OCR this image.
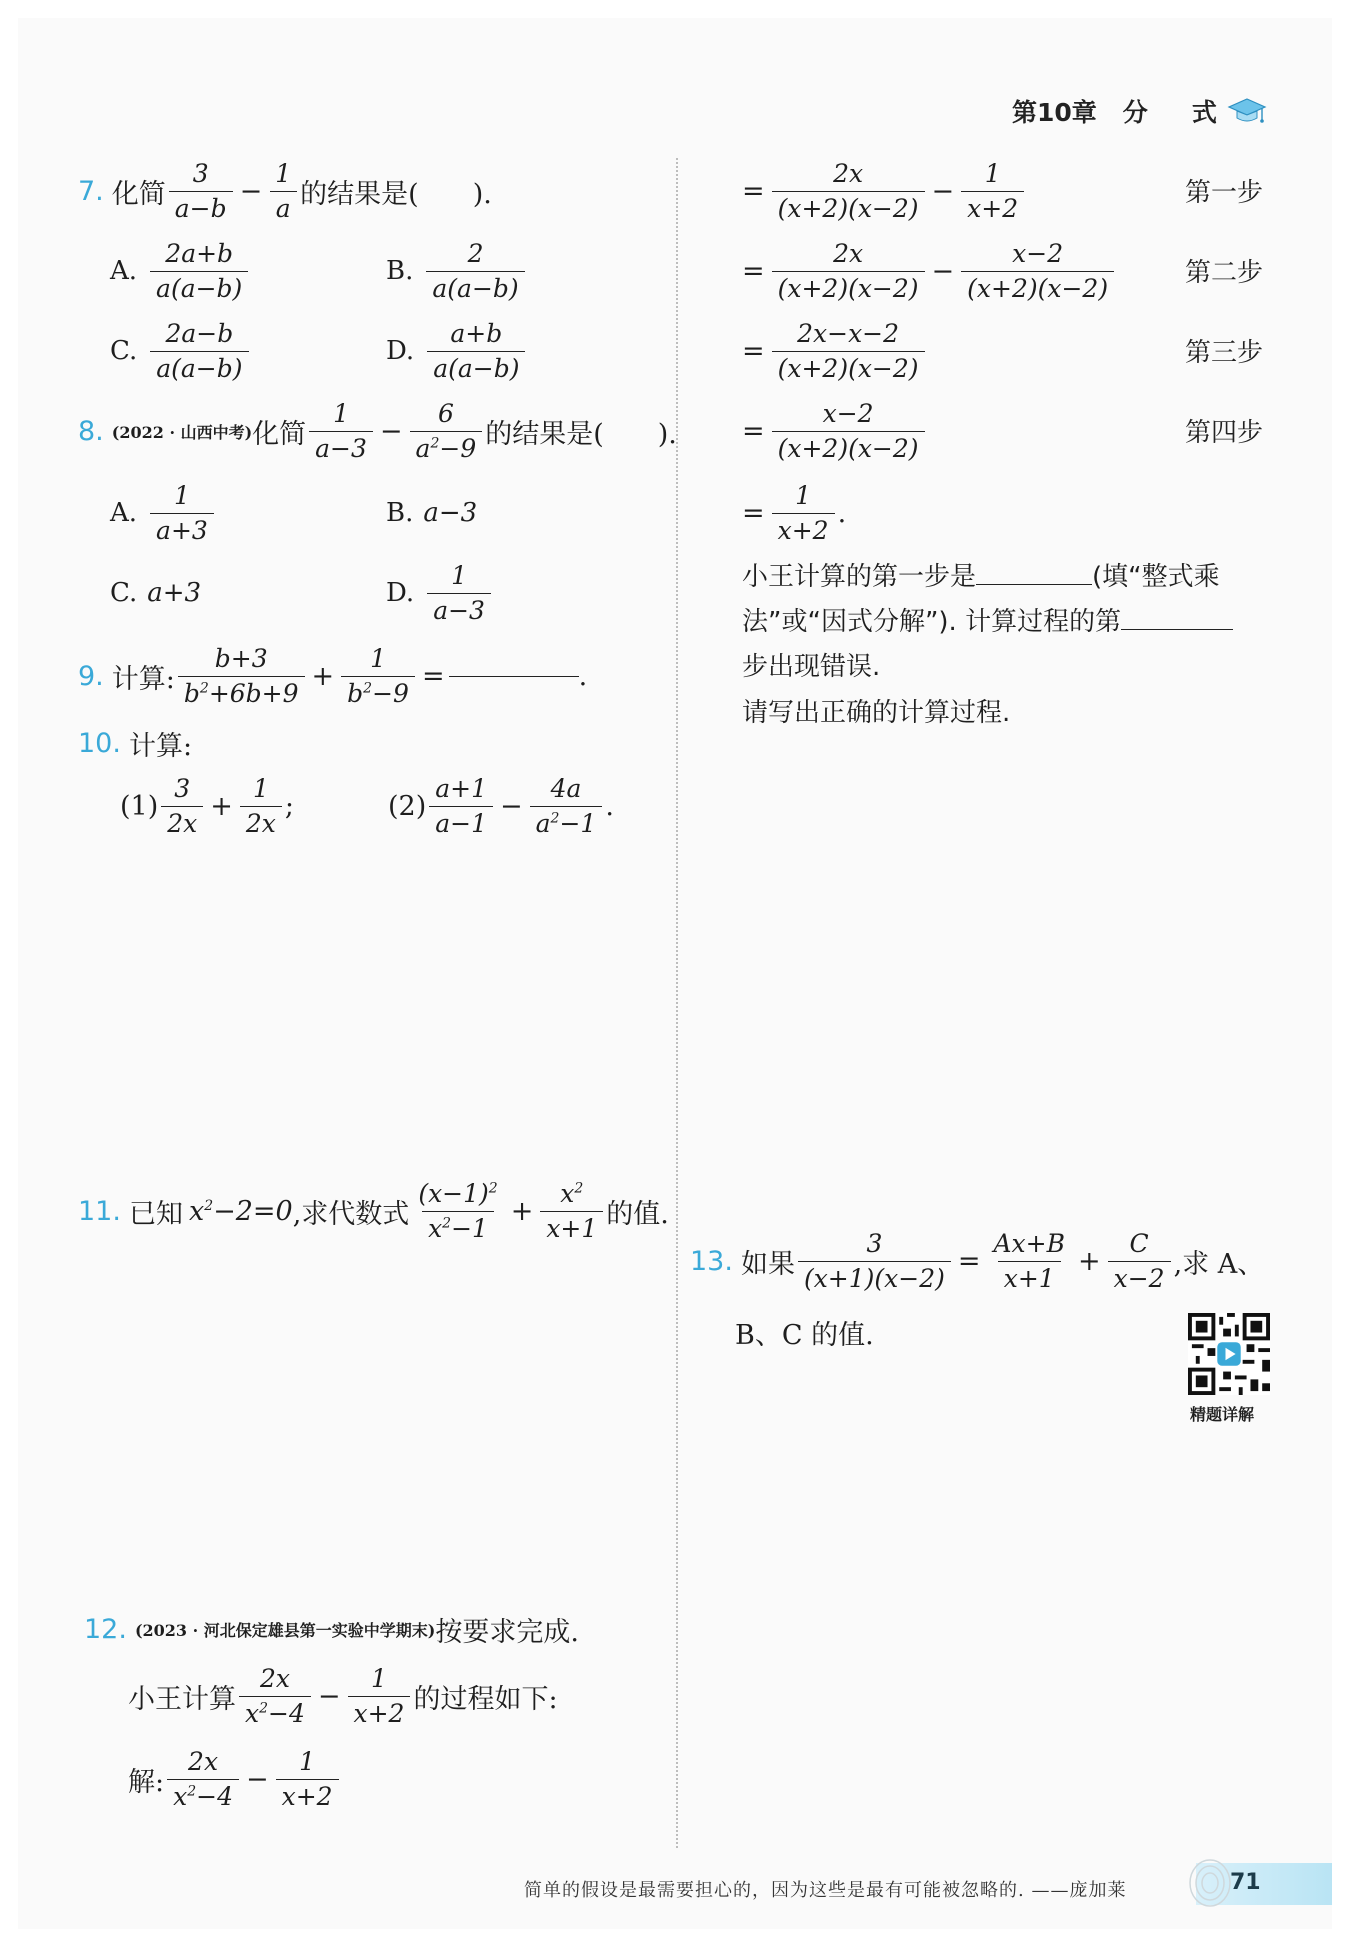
第10章 分 式
7. 化简 $\frac{3}{a-b} - \frac{1}{a}$ 的结果是(　　).
A. $\frac{2a+b}{a(a-b)}$	B. $\frac{2}{a(a-b)}$
C. $\frac{2a-b}{a(a-b)}$	D. $\frac{a+b}{a(a-b)}$
8. (2022 · 山西中考) 化简 $\frac{1}{a-3} - \frac{6}{a^2-9}$ 的结果是(　　).
A. $\frac{1}{a+3}$	B. a−3
C. a+3	D. $\frac{1}{a-3}$
9. 计算: $\frac{b+3}{b^2+6b+9} + \frac{1}{b^2-9}$ =	.
10. 计算:
$(1) \frac{3}{2x} + \frac{1}{2x}$ ;	$(2) \frac{a+1}{a-1} - \frac{4a}{a^2-1}$ .
11. 已知 $x^2-2=0$ ,求代数式 $\frac{(x-1)^2}{x^2-1} + \frac{x^2}{x+1}$ 的值.
12. (2023 · 河北保定雄县第一实验中学期末) 按要求完成.
小王计算 $\frac{2x}{x^2-4} - \frac{1}{x+2}$ 的过程如下:
解: $\frac{2x}{x^2-4} - \frac{1}{x+2}$
= $\frac{2x}{(x+2)(x-2)} - \frac{1}{x+2}$	第一步
= $\frac{2x}{(x+2)(x-2)} - \frac{x-2}{(x+2)(x-2)}$	第二步
= $\frac{2x-x-2}{(x+2)(x-2)}$	第三步
= $\frac{x-2}{(x+2)(x-2)}$	第四步
= $\frac{1}{x+2}$ .
小王计算的第一步是	(填“整式乘
法”或“因式分解”). 计算过程的第
步出现错误.
请写出正确的计算过程.
13. 如果 $\frac{3}{(x+1)(x-2)} = \frac{Ax+B}{x+1} + \frac{C}{x-2}$ ,求 A、
B、C 的值.
精题详解
简单的假设是最需要担心的，因为这些是最有可能被忽略的. ——庞加莱	71
